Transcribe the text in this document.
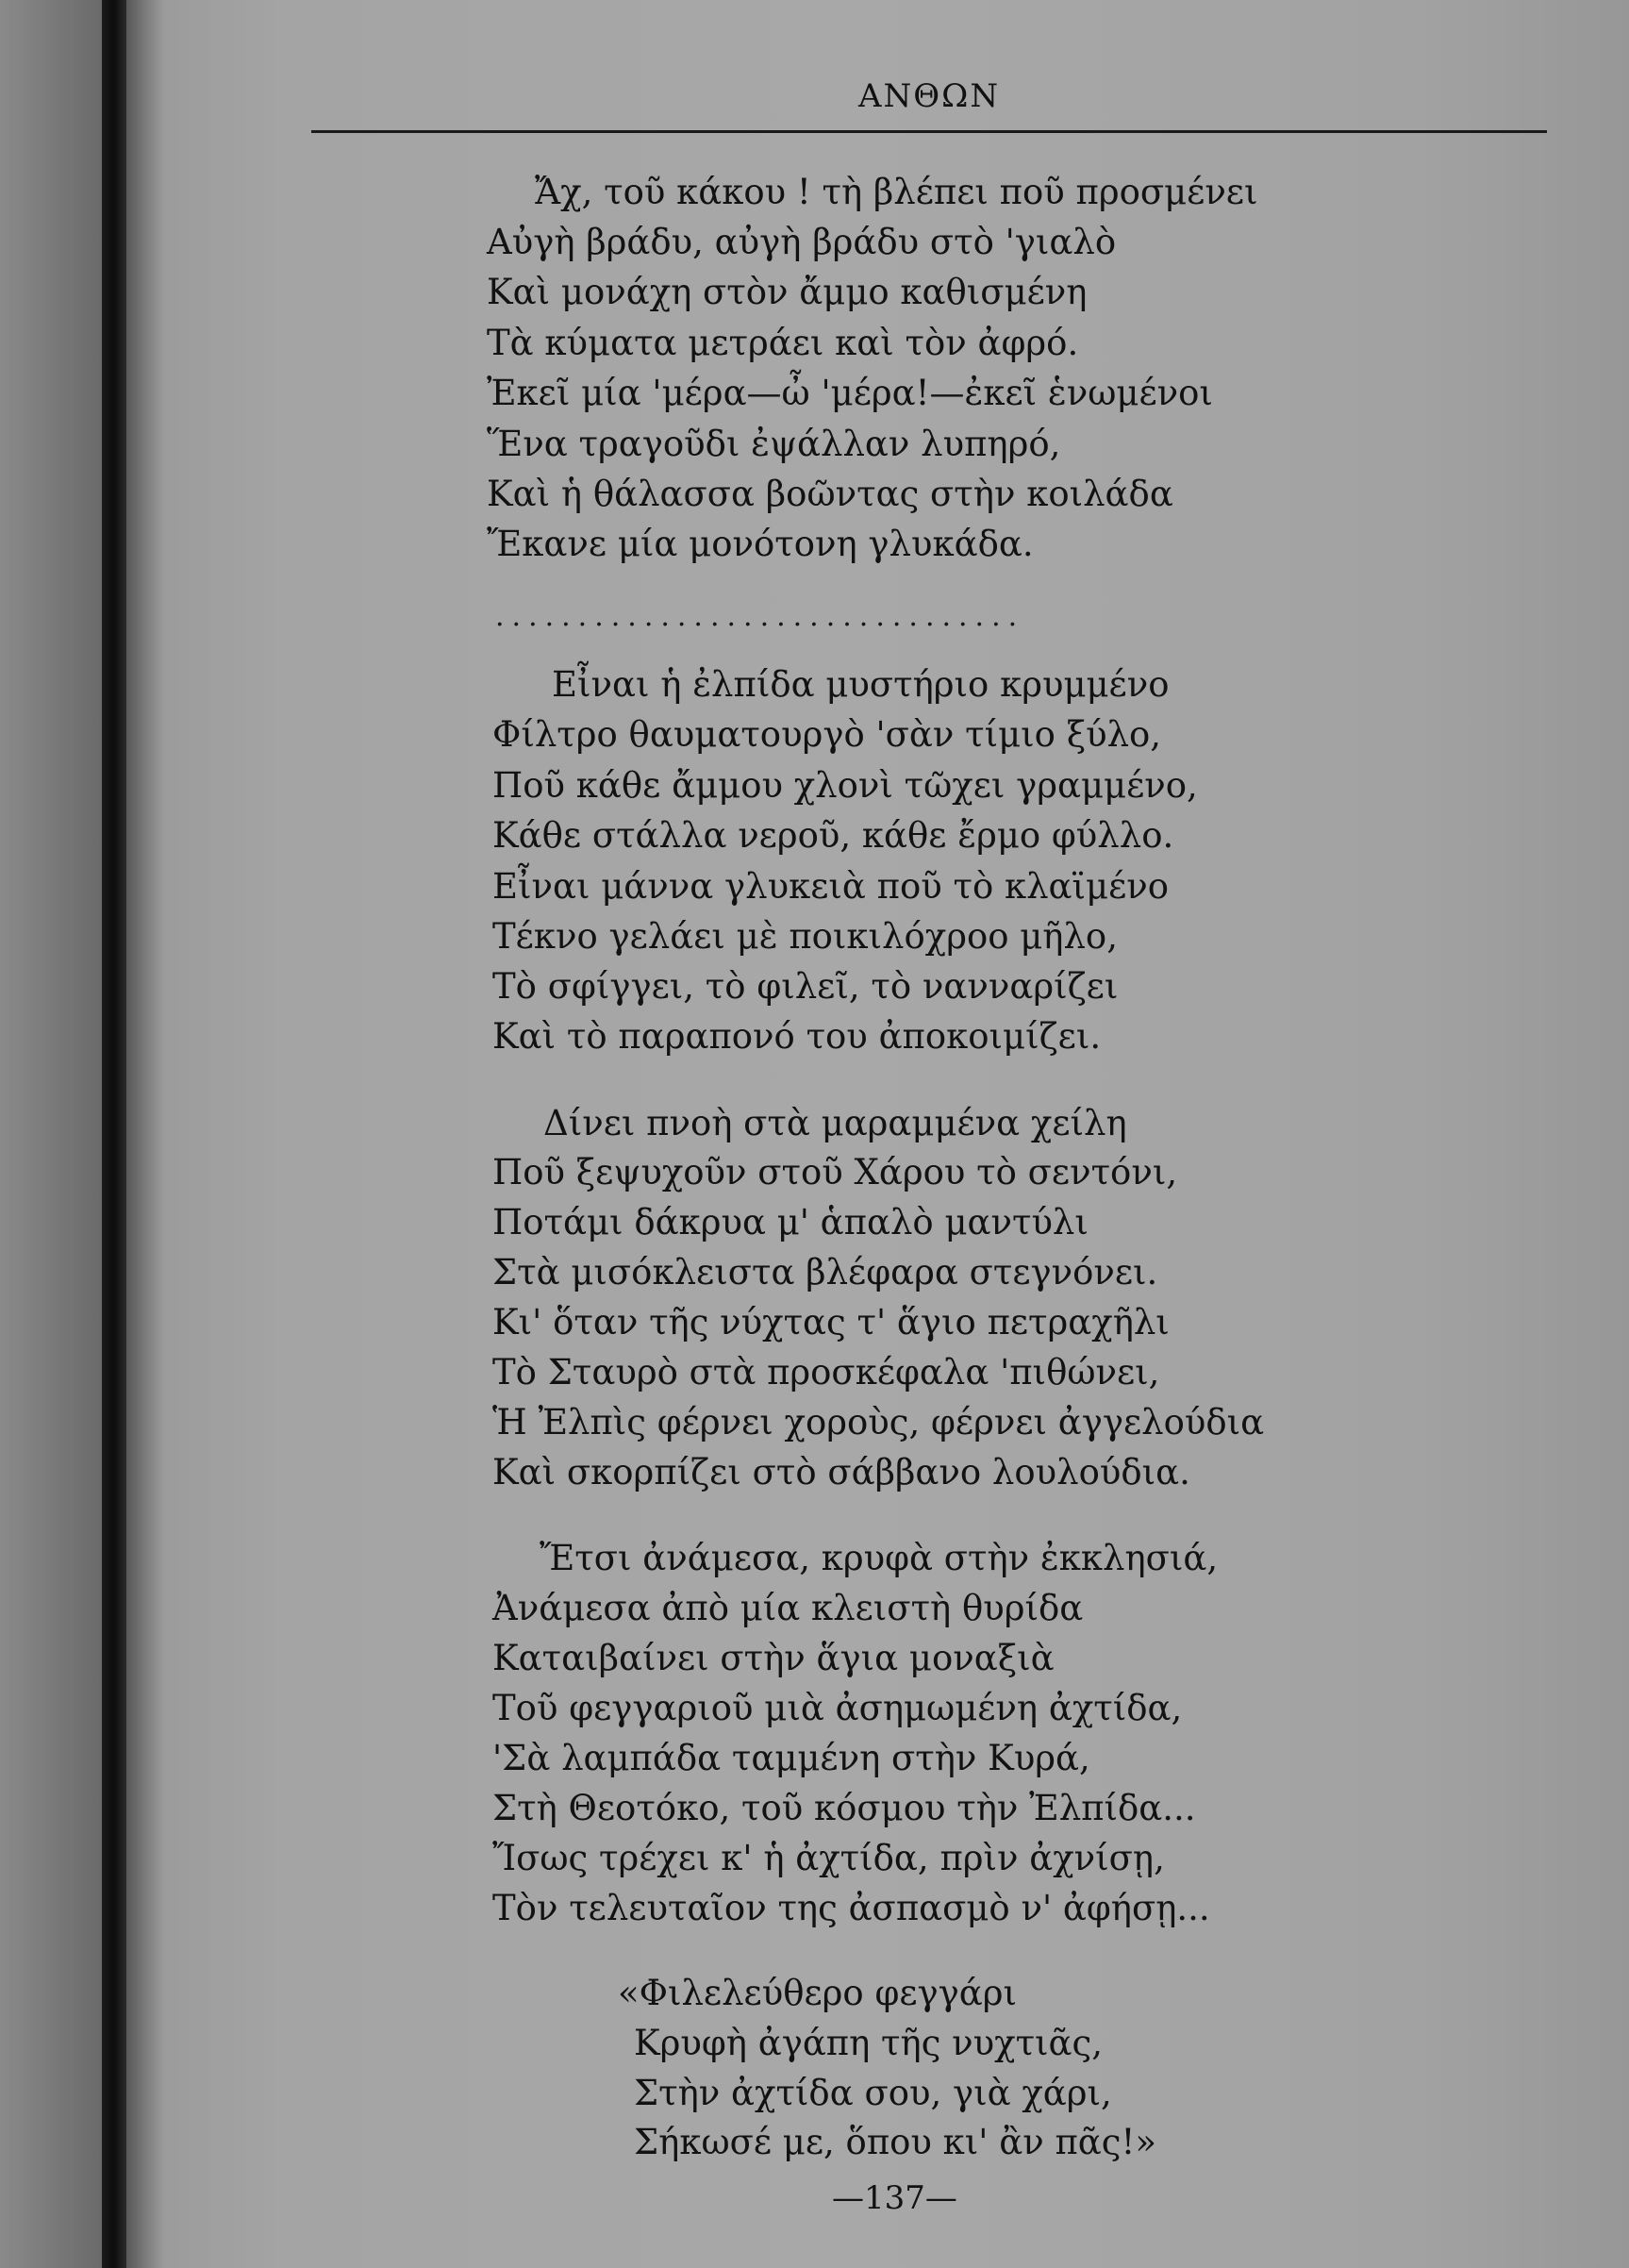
ΑΝΘΩΝ
Ἄχ, τοῦ κάκου ! τὴ βλέπει ποῦ προσμένει
Αὐγὴ βράδυ, αὐγὴ βράδυ στὸ 'γιαλὸ
Καὶ μονάχη στὸν ἄμμο καθισμένη
Τὰ κύματα μετράει καὶ τὸν ἀφρό.
Ἐκεῖ μία 'μέρα—ὦ 'μέρα!—ἐκεῖ ἑνωμένοι
Ἕνα τραγοῦδι ἐψάλλαν λυπηρό,
Καὶ ἡ θάλασσα βοῶντας στὴν κοιλάδα
Ἔκανε μία μονότονη γλυκάδα.
................................
Εἶναι ἡ ἐλπίδα μυστήριο κρυμμένο
Φίλτρο θαυματουργὸ 'σὰν τίμιο ξύλο,
Ποῦ κάθε ἄμμου χλονὶ τῶχει γραμμένο,
Κάθε στάλλα νεροῦ, κάθε ἔρμο φύλλο.
Εἶναι μάννα γλυκειὰ ποῦ τὸ κλαϊμένο
Τέκνο γελάει μὲ ποικιλόχροο μῆλο,
Τὸ σφίγγει, τὸ φιλεῖ, τὸ νανναρίζει
Καὶ τὸ παραπονό του ἀποκοιμίζει.
Δίνει πνοὴ στὰ μαραμμένα χείλη
Ποῦ ξεψυχοῦν στοῦ Χάρου τὸ σεντόνι,
Ποτάμι δάκρυα μ' ἁπαλὸ μαντύλι
Στὰ μισόκλειστα βλέφαρα στεγνόνει.
Κι' ὅταν τῆς νύχτας τ' ἅγιο πετραχῆλι
Τὸ Σταυρὸ στὰ προσκέφαλα 'πιθώνει,
Ἡ Ἐλπὶς φέρνει χοροὺς, φέρνει ἀγγελούδια
Καὶ σκορπίζει στὸ σάββανο λουλούδια.
Ἔτσι ἀνάμεσα, κρυφὰ στὴν ἐκκλησιά,
Ἀνάμεσα ἀπὸ μία κλειστὴ θυρίδα
Καταιβαίνει στὴν ἅγια μοναξιὰ
Τοῦ φεγγαριοῦ μιὰ ἀσημωμένη ἀχτίδα,
'Σὰ λαμπάδα ταμμένη στὴν Κυρά,
Στὴ Θεοτόκο, τοῦ κόσμου τὴν Ἐλπίδα...
Ἴσως τρέχει κ' ἡ ἀχτίδα, πρὶν ἀχνίσῃ,
Τὸν τελευταῖον της ἀσπασμὸ ν' ἀφήσῃ...
«Φιλελεύθερο φεγγάρι
Κρυφὴ ἀγάπη τῆς νυχτιᾶς,
Στὴν ἀχτίδα σου, γιὰ χάρι,
Σήκωσέ με, ὅπου κι' ἂν πᾶς!»
—137—
